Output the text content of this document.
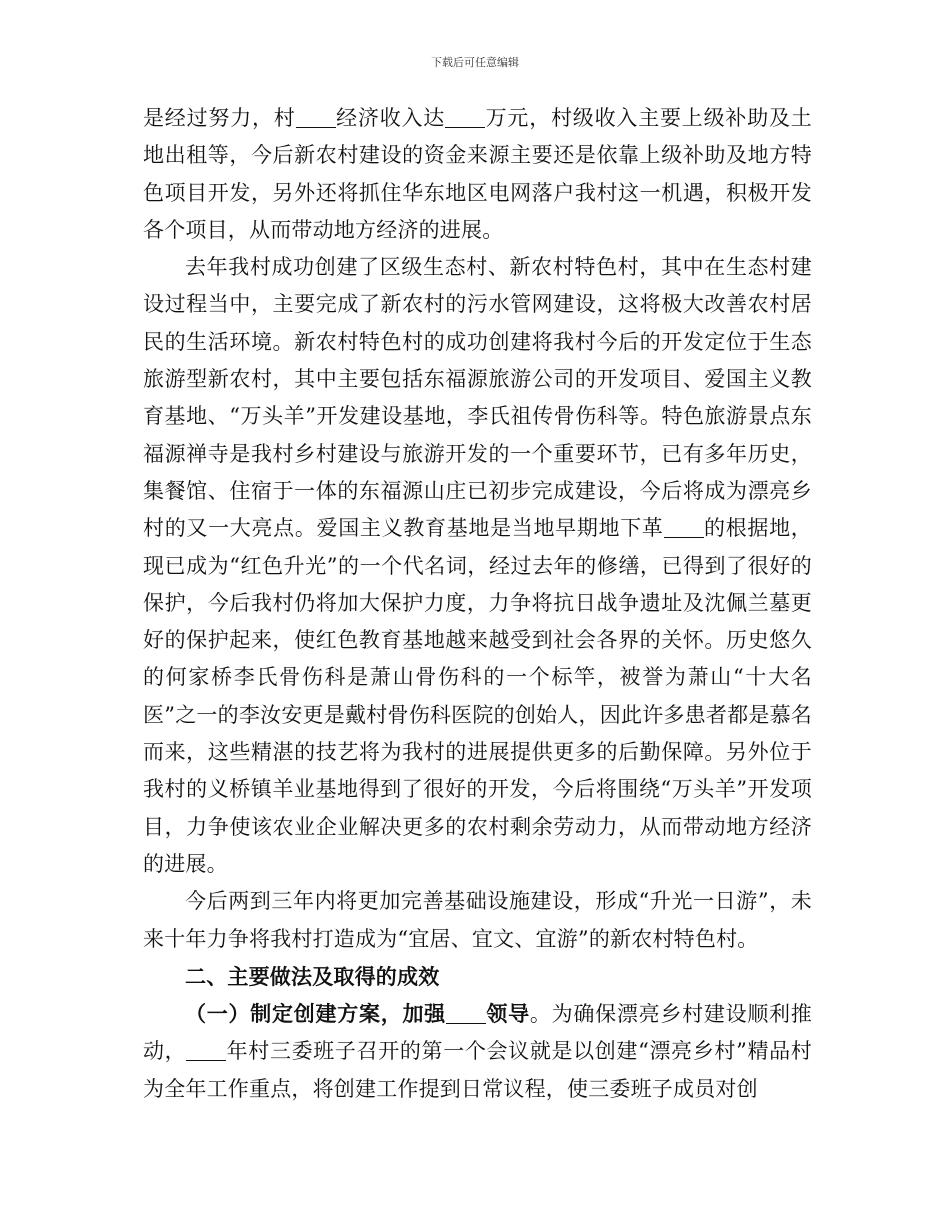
下载后可任意编辑

是经过努力，村 经济收入达 万元，村级收入主要上级补助及土地出租等，今后新农村建设的资金来源主要还是依靠上级补助及地方特色项目开发，另外还将抓住华东地区电网落户我村这一机遇，积极开发各个项目，从而带动地方经济的进展。

去年我村成功创建了区级生态村、新农村特色村，其中在生态村建设过程当中，主要完成了新农村的污水管网建设，这将极大改善农村居民的生活环境。新农村特色村的成功创建将我村今后的开发定位于生态旅游型新农村，其中主要包括东福源旅游公司的开发项目、爱国主义教育基地、“万头羊”开发建设基地，李氏祖传骨伤科等。特色旅游景点东福源禅寺是我村乡村建设与旅游开发的一个重要环节，已有多年历史，集餐馆、住宿于一体的东福源山庄已初步完成建设，今后将成为漂亮乡村的又一大亮点。爱国主义教育基地是当地早期地下革 的根据地，现已成为“红色升光”的一个代名词，经过去年的修缮，已得到了很好的保护，今后我村仍将加大保护力度，力争将抗日战争遗址及沈佩兰墓更好的保护起来，使红色教育基地越来越受到社会各界的关怀。历史悠久的何家桥李氏骨伤科是萧山骨伤科的一个标竿，被誉为萧山“十大名医”之一的李汝安更是戴村骨伤科医院的创始人，因此许多患者都是慕名而来，这些精湛的技艺将为我村的进展提供更多的后勤保障。另外位于我村的义桥镇羊业基地得到了很好的开发，今后将围绕“万头羊”开发项目，力争使该农业企业解决更多的农村剩余劳动力，从而带动地方经济的进展。

今后两到三年内将更加完善基础设施建设，形成“升光一日游”，未来十年力争将我村打造成为“宜居、宜文、宜游”的新农村特色村。

二、主要做法及取得的成效

（一）制定创建方案，加强 领导。为确保漂亮乡村建设顺利推动， 年村三委班子召开的第一个会议就是以创建“漂亮乡村”精品村为全年工作重点，将创建工作提到日常议程，使三委班子成员对创
